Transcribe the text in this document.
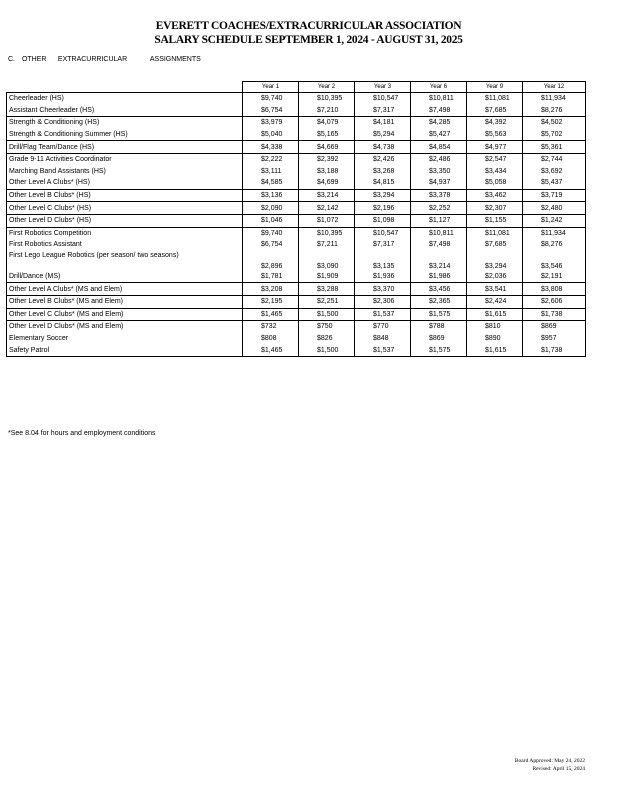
EVERETT COACHES/EXTRACURRICULAR ASSOCIATION
SALARY SCHEDULE SEPTEMBER 1, 2024 - AUGUST 31, 2025
C. OTHER EXTRACURRICULAR	ASSIGNMENTS
	Year 1	Year 2	Year 3	Year 6	Year 9	Year 12
Cheerleader (HS)	$9,740	$10,395	$10,547	$10,811	$11,081	$11,934
Assistant Cheerleader (HS)	$6,754	$7,210	$7,317	$7,498	$7,685	$8,276
Strength & Conditioning (HS)	$3,979	$4,079	$4,181	$4,285	$4,392	$4,502
Strength & Conditioning Summer (HS)	$5,040	$5,165	$5,294	$5,427	$5,563	$5,702
Drill/Flag Team/Dance (HS)	$4,338	$4,669	$4,738	$4,854	$4,977	$5,361
Grade 9-11 Activities Coordinator	$2,222	$2,392	$2,426	$2,486	$2,547	$2,744
Marching Band Assistants (HS)	$3,111	$3,188	$3,268	$3,350	$3,434	$3,692
Other Level A Clubs* (HS)	$4,585	$4,699	$4,815	$4,937	$5,058	$5,437
Other Level B Clubs* (HS)	$3,136	$3,214	$3,294	$3,378	$3,462	$3,719
Other Level C Clubs* (HS)	$2,090	$2,142	$2,196	$2,252	$2,307	$2,480
Other Level D Clubs* (HS)	$1,046	$1,072	$1,098	$1,127	$1,155	$1,242
First Robotics Competition	$9,740	$10,395	$10,547	$10,811	$11,081	$11,934
First Robotics Assistant	$6,754	$7,211	$7,317	$7,498	$7,685	$8,276
First Lego League Robotics (per season/ two seasons)	$2,896	$3,090	$3,135	$3,214	$3,294	$3,546
Drill/Dance (MS)	$1,781	$1,909	$1,936	$1,986	$2,036	$2,191
Other Level A Clubs* (MS and Elem)	$3,208	$3,288	$3,370	$3,456	$3,541	$3,808
Other Level B Clubs* (MS and Elem)	$2,195	$2,251	$2,306	$2,365	$2,424	$2,606
Other Level C Clubs* (MS and Elem)	$1,465	$1,500	$1,537	$1,575	$1,615	$1,738
Other Level D Clubs* (MS and Elem)	$732	$750	$770	$788	$810	$869
Elementary Soccer	$808	$826	$848	$869	$890	$957
Safety Patrol	$1,465	$1,500	$1,537	$1,575	$1,615	$1,738
*See 8.04 for hours and employment conditions
Board Approved: May 24, 2022
Revised: April 15, 2024
